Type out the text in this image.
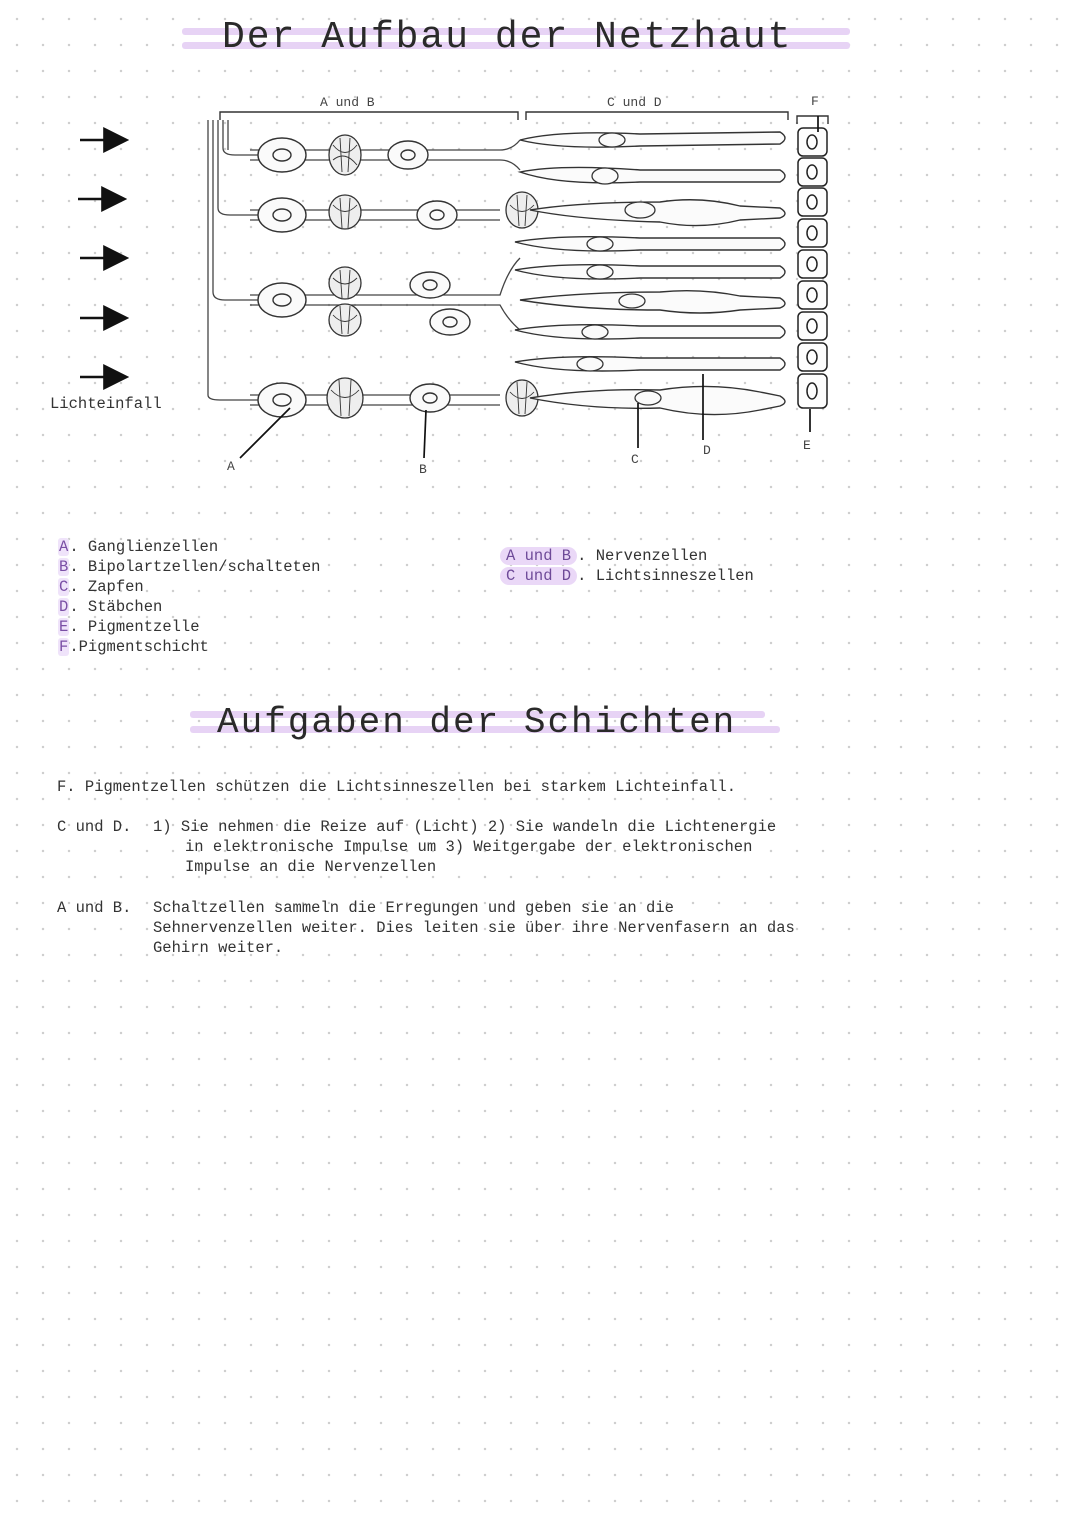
Der Aufbau der Netzhaut
A und B	C und D	F
Lichteinfall
A	B
C
D	E
A. Ganglienzellen
B. Bipolartzellen/schalteten
C. Zapfen
D. Stäbchen
E. Pigmentzelle
F.Pigmentschicht
A und B . Nervenzellen
C und D . Lichtsinneszellen
Aufgaben der Schichten
F. Pigmentzellen schützen die Lichtsinneszellen bei starkem Lichteinfall.
C und D. 1) Sie nehmen die Reize auf (Licht) 2) Sie wandeln die Lichtenergie
in elektronische Impulse um 3) Weitgergabe der elektronischen
Impulse an die Nervenzellen
A und B. Schaltzellen sammeln die Erregungen und geben sie an die
Sehnervenzellen weiter. Dies leiten sie über ihre Nervenfasern an das
Gehirn weiter.
